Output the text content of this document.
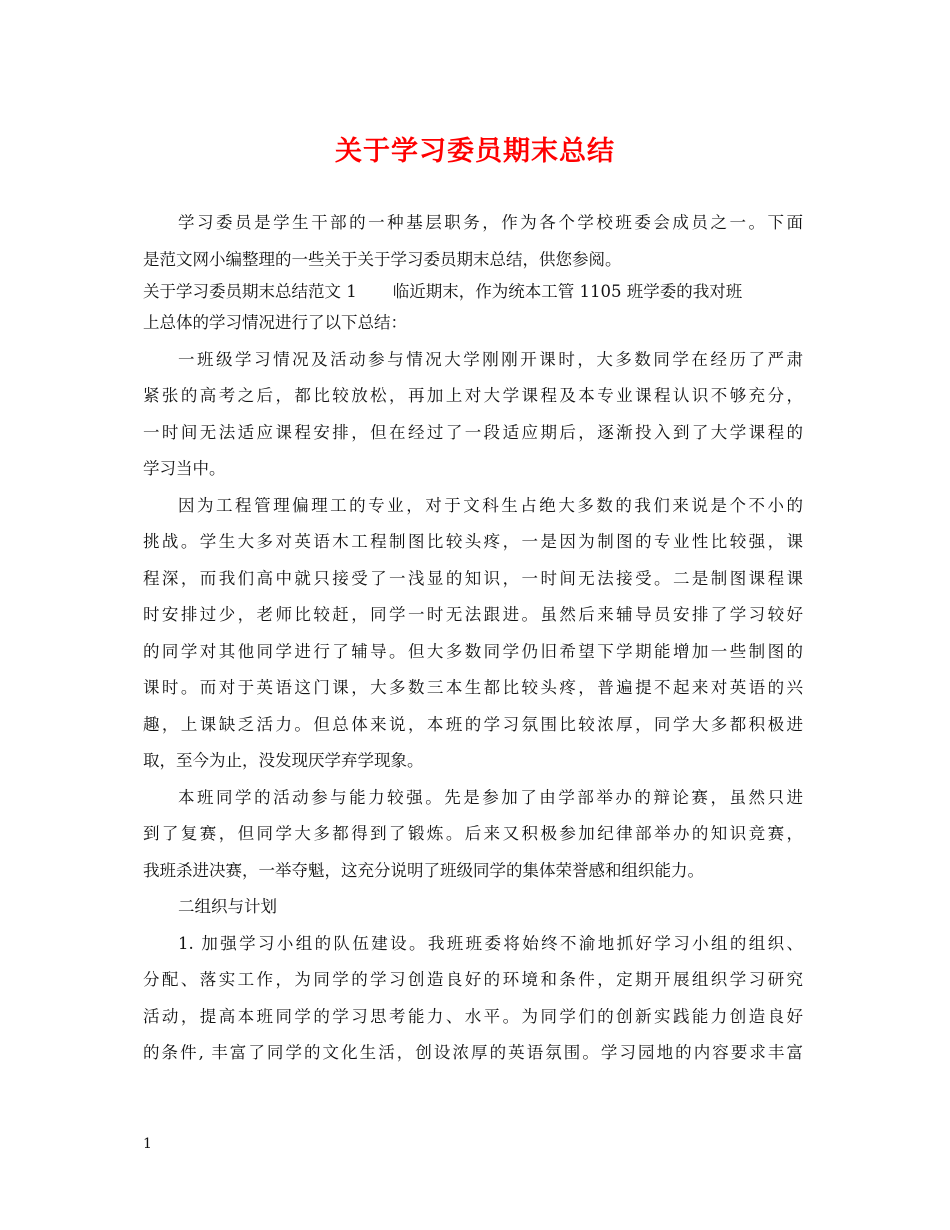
关于学习委员期末总结
学习委员是学生干部的一种基层职务，作为各个学校班委会成员之一。下面
是范文网小编整理的一些关于关于学习委员期末总结，供您参阅。
关于学习委员期末总结范文 1 临近期末，作为统本工管 1105 班学委的我对班
上总体的学习情况进行了以下总结：
一班级学习情况及活动参与情况大学刚刚开课时，大多数同学在经历了严肃
紧张的高考之后，都比较放松，再加上对大学课程及本专业课程认识不够充分，
一时间无法适应课程安排，但在经过了一段适应期后，逐渐投入到了大学课程的
学习当中。
因为工程管理偏理工的专业，对于文科生占绝大多数的我们来说是个不小的
挑战。学生大多对英语木工程制图比较头疼，一是因为制图的专业性比较强，课
程深，而我们高中就只接受了一浅显的知识，一时间无法接受。二是制图课程课
时安排过少，老师比较赶，同学一时无法跟进。虽然后来辅导员安排了学习较好
的同学对其他同学进行了辅导。但大多数同学仍旧希望下学期能增加一些制图的
课时。而对于英语这门课，大多数三本生都比较头疼，普遍提不起来对英语的兴
趣，上课缺乏活力。但总体来说，本班的学习氛围比较浓厚，同学大多都积极进
取，至今为止，没发现厌学弃学现象。
本班同学的活动参与能力较强。先是参加了由学部举办的辩论赛，虽然只进
到了复赛，但同学大多都得到了锻炼。后来又积极参加纪律部举办的知识竞赛，
我班杀进决赛，一举夺魁，这充分说明了班级同学的集体荣誉感和组织能力。
二组织与计划
1. 加强学习小组的队伍建设。我班班委将始终不渝地抓好学习小组的组织、
分配、落实工作，为同学的学习创造良好的环境和条件，定期开展组织学习研究
活动，提高本班同学的学习思考能力、水平。为同学们的创新实践能力创造良好
的条件, 丰富了同学的文化生活，创设浓厚的英语氛围。学习园地的内容要求丰富
1
